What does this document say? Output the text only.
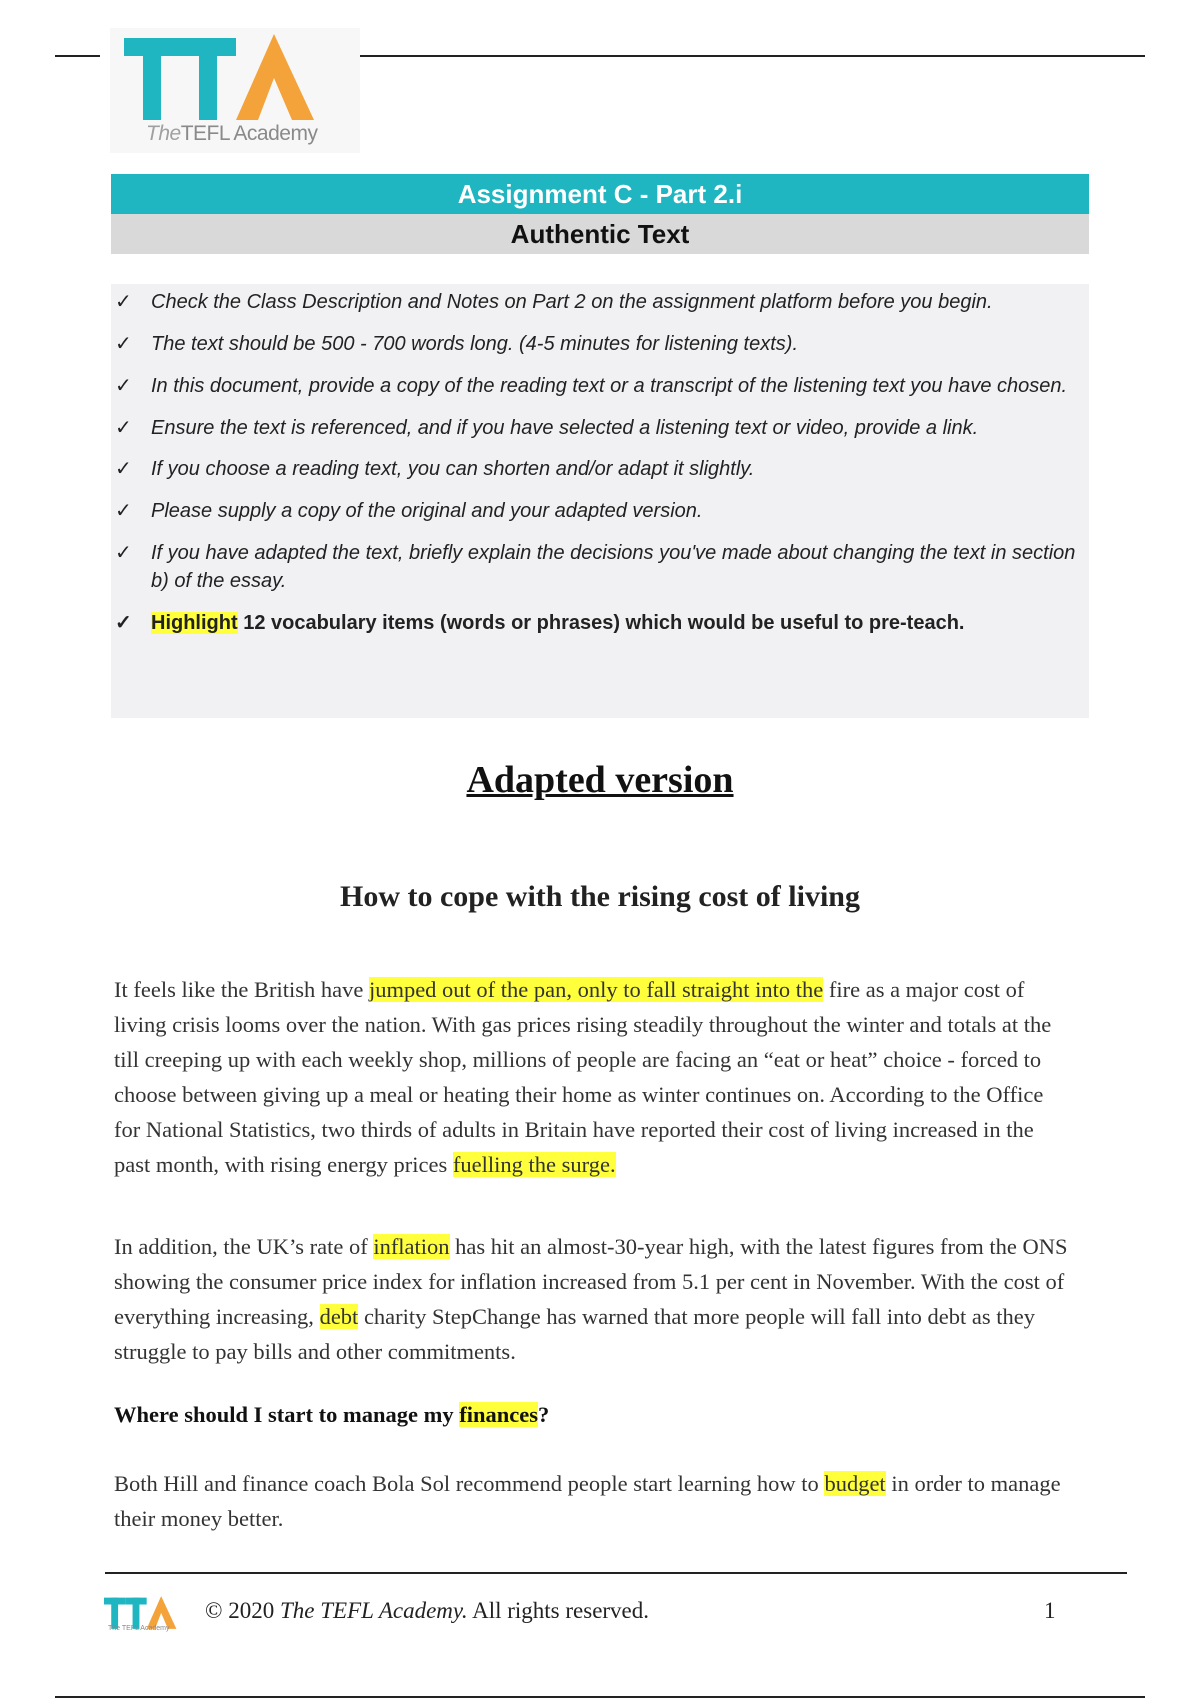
TheTEFL Academy
Assignment C - Part 2.i
Authentic Text
✓ Check the Class Description and Notes on Part 2 on the assignment platform before you begin.
✓ The text should be 500 - 700 words long. (4-5 minutes for listening texts).
✓ In this document, provide a copy of the reading text or a transcript of the listening text you have chosen.
✓ Ensure the text is referenced, and if you have selected a listening text or video, provide a link.
✓ If you choose a reading text, you can shorten and/or adapt it slightly.
✓ Please supply a copy of the original and your adapted version.
✓ If you have adapted the text, briefly explain the decisions you've made about changing the text in section b) of the essay.
✓ Highlight 12 vocabulary items (words or phrases) which would be useful to pre-teach.
Adapted version
How to cope with the rising cost of living

It feels like the British have jumped out of the pan, only to fall straight into the fire as a major cost of living crisis looms over the nation. With gas prices rising steadily throughout the winter and totals at the till creeping up with each weekly shop, millions of people are facing an “eat or heat” choice - forced to choose between giving up a meal or heating their home as winter continues on. According to the Office for National Statistics, two thirds of adults in Britain have reported their cost of living increased in the past month, with rising energy prices fuelling the surge.

In addition, the UK’s rate of inflation has hit an almost-30-year high, with the latest figures from the ONS showing the consumer price index for inflation increased from 5.1 per cent in November. With the cost of everything increasing, debt charity StepChange has warned that more people will fall into debt as they struggle to pay bills and other commitments.

Where should I start to manage my finances?

Both Hill and finance coach Bola Sol recommend people start learning how to budget in order to manage their money better.

The TEFL Academy
© 2020 The TEFL Academy. All rights reserved.	1
